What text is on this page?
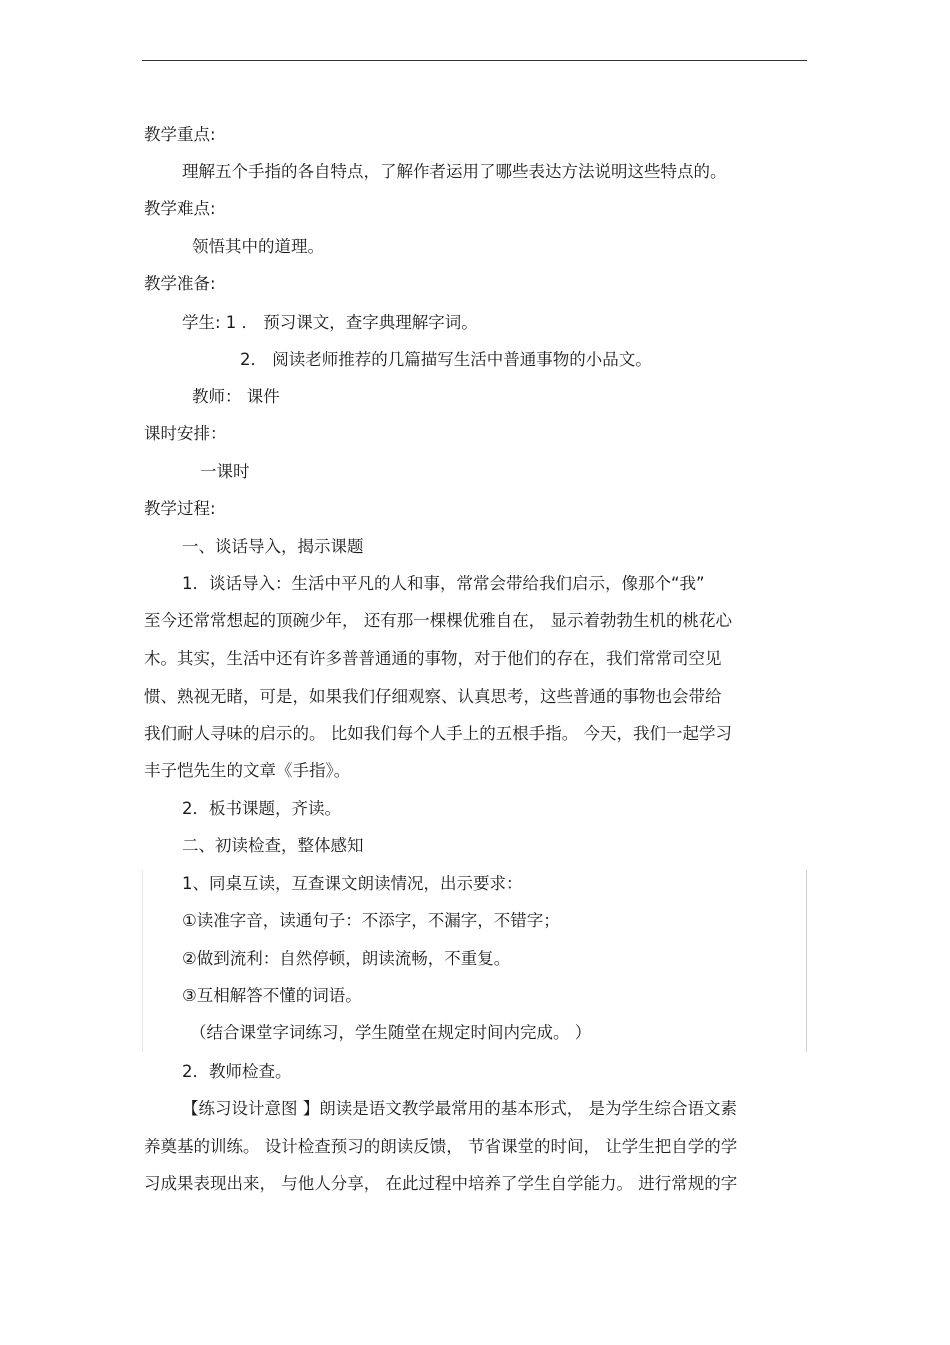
教学重点:
理解五个手指的各自特点，了解作者运用了哪些表达方法说明这些特点的。
教学难点:
领悟其中的道理。
教学准备:
学生: 1 ． 预习课文，查字典理解字词。
2． 阅读老师推荐的几篇描写生活中普通事物的小品文。
教师： 课件
课时安排：
一课时
教学过程:
一、谈话导入，揭示课题
1．谈话导入：生活中平凡的人和事，常常会带给我们启示，像那个“我”
至今还常常想起的顶碗少年， 还有那一棵棵优雅自在， 显示着勃勃生机的桃花心
木。其实，生活中还有许多普普通通的事物，对于他们的存在，我们常常司空见
惯、熟视无睹，可是，如果我们仔细观察、认真思考，这些普通的事物也会带给
我们耐人寻味的启示的。 比如我们每个人手上的五根手指。 今天，我们一起学习
丰子恺先生的文章《手指》。
2．板书课题，齐读。
二、初读检查，整体感知
1、同桌互读，互查课文朗读情况，出示要求：
①读准字音，读通句子：不添字，不漏字，不错字；
②做到流利：自然停顿，朗读流畅，不重复。
③互相解答不懂的词语。
（结合课堂字词练习，学生随堂在规定时间内完成。 ）
2．教师检查。
【练习设计意图 】朗读是语文教学最常用的基本形式， 是为学生综合语文素
养奠基的训练。 设计检查预习的朗读反馈， 节省课堂的时间， 让学生把自学的学
习成果表现出来， 与他人分享， 在此过程中培养了学生自学能力。 进行常规的字
